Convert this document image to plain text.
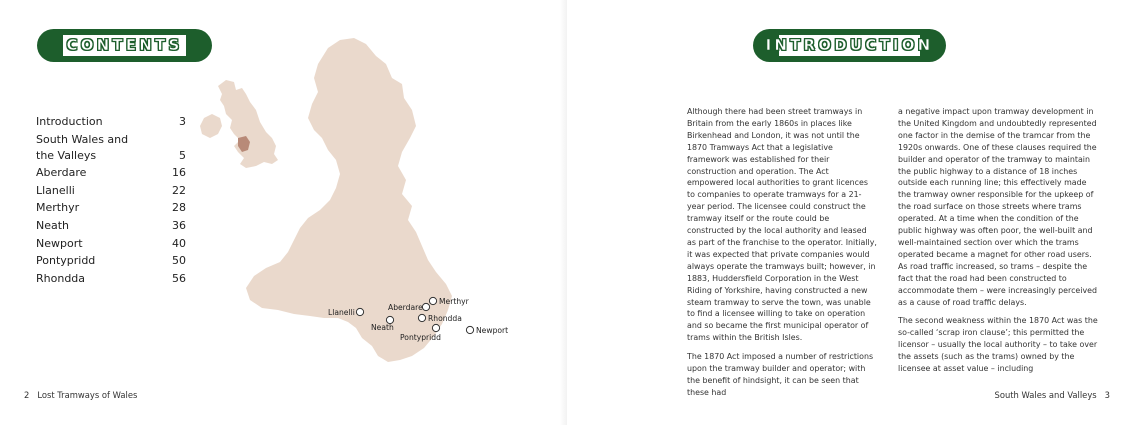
CONTENTS
Introduction	3
South Wales and the Valleys	5
Aberdare	16
Llanelli	22
Merthyr	28
Neath	36
Newport	40
Pontypridd	50
Rhondda	56
Llanelli
Aberdare
Merthyr
Rhondda
Neath
Pontypridd
Newport
2 Lost Tramways of Wales
INTRODUCTION

Although there had been street tramways in Britain from the early 1860s in places like Birkenhead and London, it was not until the 1870 Tramways Act that a legislative framework was established for their construction and operation. The Act empowered local authorities to grant licences to companies to operate tramways for a 21-year period. The licensee could construct the tramway itself or the route could be constructed by the local authority and leased as part of the franchise to the operator. Initially, it was expected that private companies would always operate the tramways built; however, in 1883, Huddersfield Corporation in the West Riding of Yorkshire, having constructed a new steam tramway to serve the town, was unable to find a licensee willing to take on operation and so became the first municipal operator of trams within the British Isles.

The 1870 Act imposed a number of restrictions upon the tramway builder and operator; with the benefit of hindsight, it can be seen that these had

a negative impact upon tramway development in the United Kingdom and undoubtedly represented one factor in the demise of the tramcar from the 1920s onwards. One of these clauses required the builder and operator of the tramway to maintain the public highway to a distance of 18 inches outside each running line; this effectively made the tramway owner responsible for the upkeep of the road surface on those streets where trams operated. At a time when the condition of the public highway was often poor, the well-built and well-maintained section over which the trams operated became a magnet for other road users. As road traffic increased, so trams – despite the fact that the road had been constructed to accommodate them – were increasingly perceived as a cause of road traffic delays.

The second weakness within the 1870 Act was the so-called ‘scrap iron clause’; this permitted the licensor – usually the local authority – to take over the assets (such as the trams) owned by the licensee at asset value – including

South Wales and Valleys 3
